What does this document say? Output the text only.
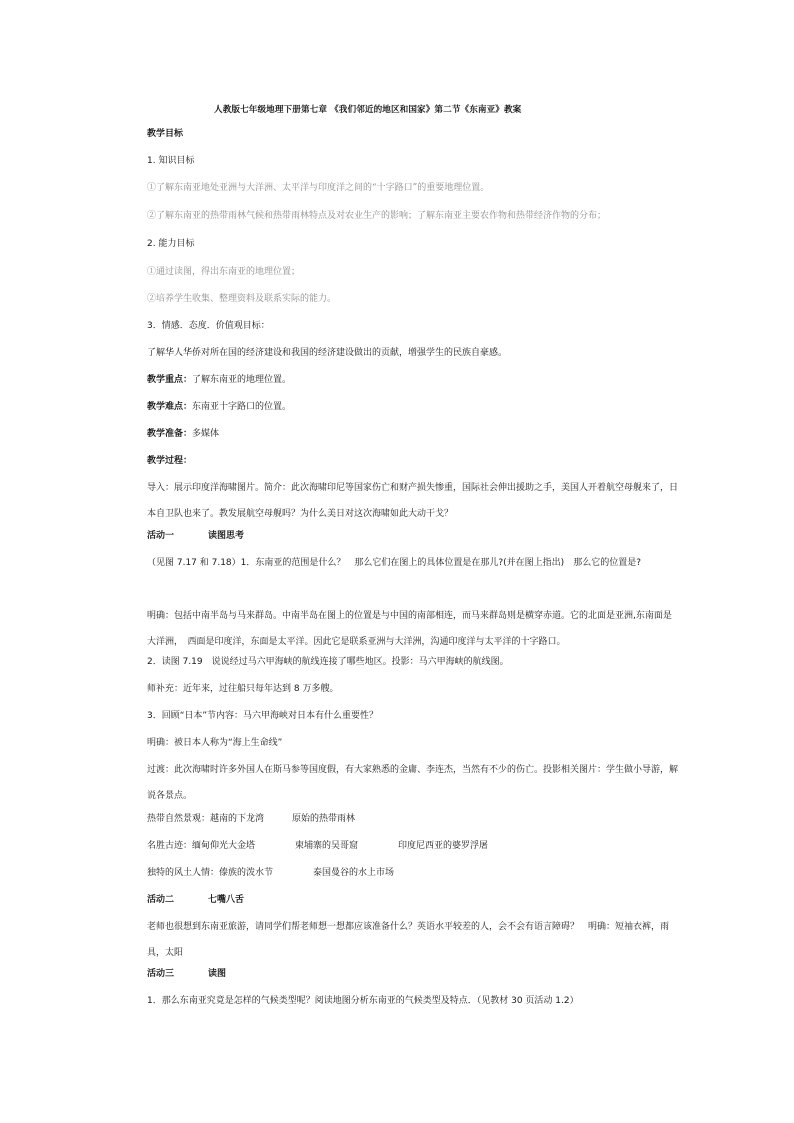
人教版七年级地理下册第七章 《我们邻近的地区和国家》第二节《东南亚》教案
教学目标
1. 知识目标
①了解东南亚地处亚洲与大洋洲、太平洋与印度洋之间的“十字路口”的重要地理位置。
②了解东南亚的热带雨林气候和热带雨林特点及对农业生产的影响；了解东南亚主要农作物和热带经济作物的分布；
2. 能力目标
①通过读图，得出东南亚的地理位置；
②培养学生收集、整理资料及联系实际的能力。
3．情感．态度．价值观目标：
了解华人华侨对所在国的经济建设和我国的经济建设做出的贡献，增强学生的民族自豪感。
教学重点：了解东南亚的地理位置。
教学难点：东南亚十字路口的位置。
教学准备：多媒体
教学过程：
导入：展示印度洋海啸图片。简介：此次海啸印尼等国家伤亡和财产损失惨重，国际社会伸出援助之手，美国人开着航空母舰来了，日本自卫队也来了。教发展航空母舰吗？为什么美日对这次海啸如此大动干戈？
活动一	读图思考
（见图 7.17 和 7.18）1．东南亚的范围是什么？　那么它们在图上的具体位置是在那儿?(并在图上指出)　那么它的位置是?
明确：包括中南半岛与马来群岛。中南半岛在图上的位置是与中国的南部相连，而马来群岛则是横穿赤道。它的北面是亚洲,东南面是大洋洲，　西面是印度洋，东面是太平洋。因此它是联系亚洲与大洋洲，沟通印度洋与太平洋的十字路口。
2．读图 7.19　说说经过马六甲海峡的航线连接了哪些地区。投影：马六甲海峡的航线图。
师补充：近年来，过往船只每年达到 8 万多艘。
3．回顾“日本”节内容：马六甲海峡对日本有什么重要性？
明确：被日本人称为“海上生命线”
过渡：此次海啸时许多外国人在斯马参等国度假，有大家熟悉的金庸、李连杰，当然有不少的伤亡。投影相关图片：学生做小导游，解说各景点。
热带自然景观：越南的下龙湾	原始的热带雨林
名胜古迹：缅甸仰光大金塔	柬埔寨的吴哥窟	印度尼西亚的婆罗浮屠
独特的风土人情：傣族的泼水节	泰国曼谷的水上市场
活动二	七嘴八舌
老师也很想到东南亚旅游，请同学们帮老师想一想都应该准备什么？英语水平较差的人，会不会有语言障碍？　明确：短袖衣裤，雨具，太阳
活动三	读图
1．那么东南亚究竟是怎样的气候类型呢？阅读地图分析东南亚的气候类型及特点．（见教材 30 页活动 1.2）
